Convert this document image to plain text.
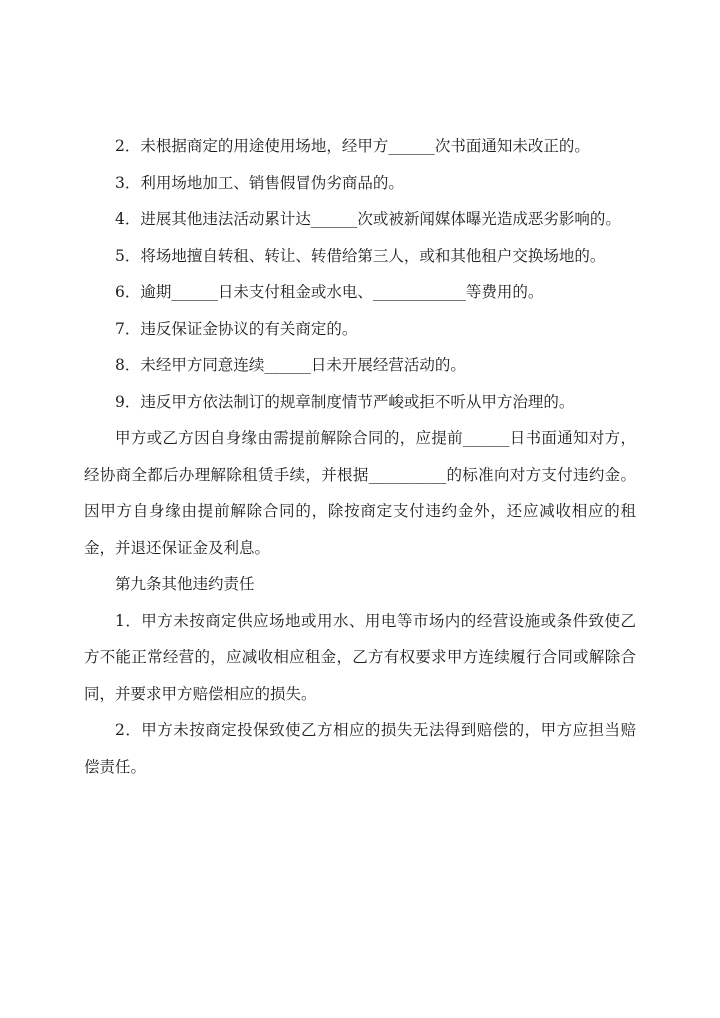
2．未根据商定的用途使用场地，经甲方______次书面通知未改正的。

3．利用场地加工、销售假冒伪劣商品的。

4．进展其他违法活动累计达______次或被新闻媒体曝光造成恶劣影响的。

5．将场地擅自转租、转让、转借给第三人，或和其他租户交换场地的。

6．逾期______日未支付租金或水电、____________等费用的。

7．违反保证金协议的有关商定的。

8．未经甲方同意连续______日未开展经营活动的。

9．违反甲方依法制订的规章制度情节严峻或拒不听从甲方治理的。

甲方或乙方因自身缘由需提前解除合同的，应提前______日书面通知对方，经协商全都后办理解除租赁手续，并根据__________的标准向对方支付违约金。因甲方自身缘由提前解除合同的，除按商定支付违约金外，还应减收相应的租金，并退还保证金及利息。

第九条其他违约责任

1．甲方未按商定供应场地或用水、用电等市场内的经营设施或条件致使乙方不能正常经营的，应减收相应租金，乙方有权要求甲方连续履行合同或解除合同，并要求甲方赔偿相应的损失。

2．甲方未按商定投保致使乙方相应的损失无法得到赔偿的，甲方应担当赔偿责任。
